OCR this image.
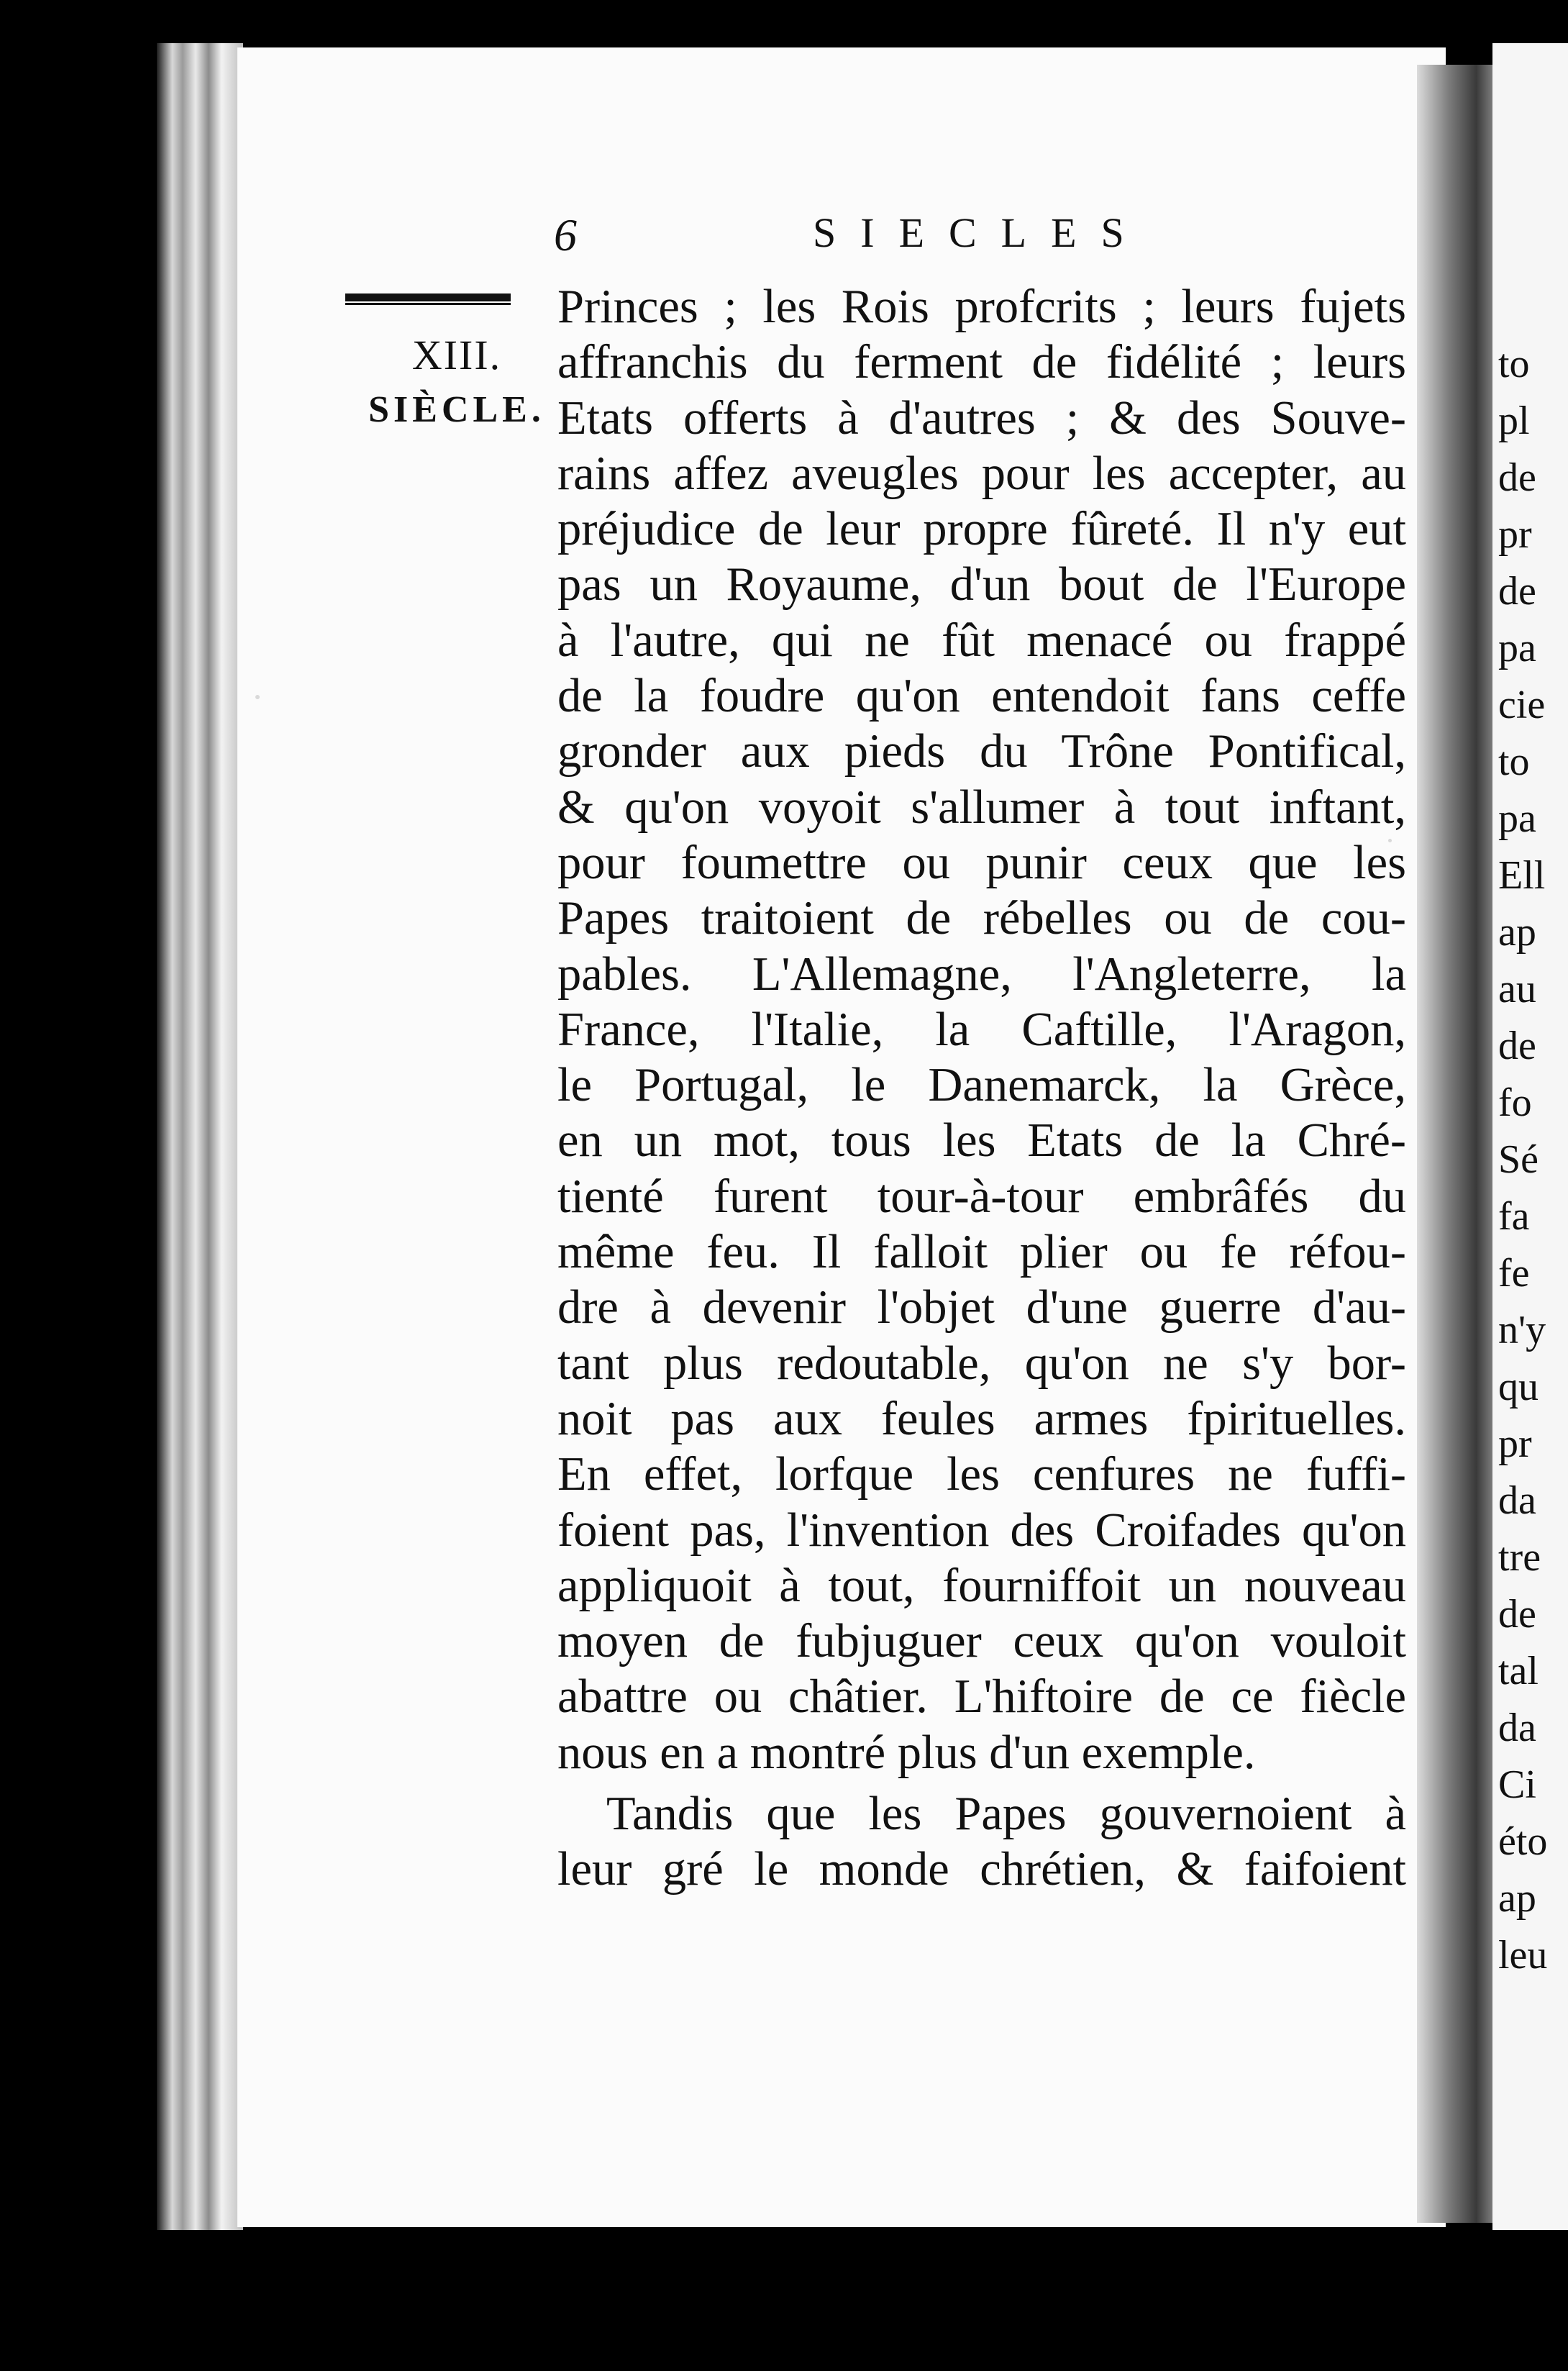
to
pl
de
pr
de
pa
cie
to
pa
Ell
ap
au
de
fo
Sé
fa
fe
n'y
qu
pr
da
tre
de
tal
da
Ci
éto
ap
leu
6	SIECLES
XIII.
SIÈCLE.
Princes ; les Rois profcrits ; leurs fujets
affranchis du ferment de fidélité ; leurs
Etats offerts à d'autres ; & des Souve-
rains affez aveugles pour les accepter, au
préjudice de leur propre fûreté. Il n'y eut
pas un Royaume, d'un bout de l'Europe
à l'autre, qui ne fût menacé ou frappé
de la foudre qu'on entendoit fans ceffe
gronder aux pieds du Trône Pontifical,
& qu'on voyoit s'allumer à tout inftant,
pour foumettre ou punir ceux que les
Papes traitoient de rébelles ou de cou-
pables. L'Allemagne, l'Angleterre, la
France, l'Italie, la Caftille, l'Aragon,
le Portugal, le Danemarck, la Grèce,
en un mot, tous les Etats de la Chré-
tienté furent tour-à-tour embrâfés du
même feu. Il falloit plier ou fe réfou-
dre à devenir l'objet d'une guerre d'au-
tant plus redoutable, qu'on ne s'y bor-
noit pas aux feules armes fpirituelles.
En effet, lorfque les cenfures ne fuffi-
foient pas, l'invention des Croifades qu'on
appliquoit à tout, fourniffoit un nouveau
moyen de fubjuguer ceux qu'on vouloit
abattre ou châtier. L'hiftoire de ce fiècle
nous en a montré plus d'un exemple.
Tandis que les Papes gouvernoient à
leur gré le monde chrétien, & faifoient
